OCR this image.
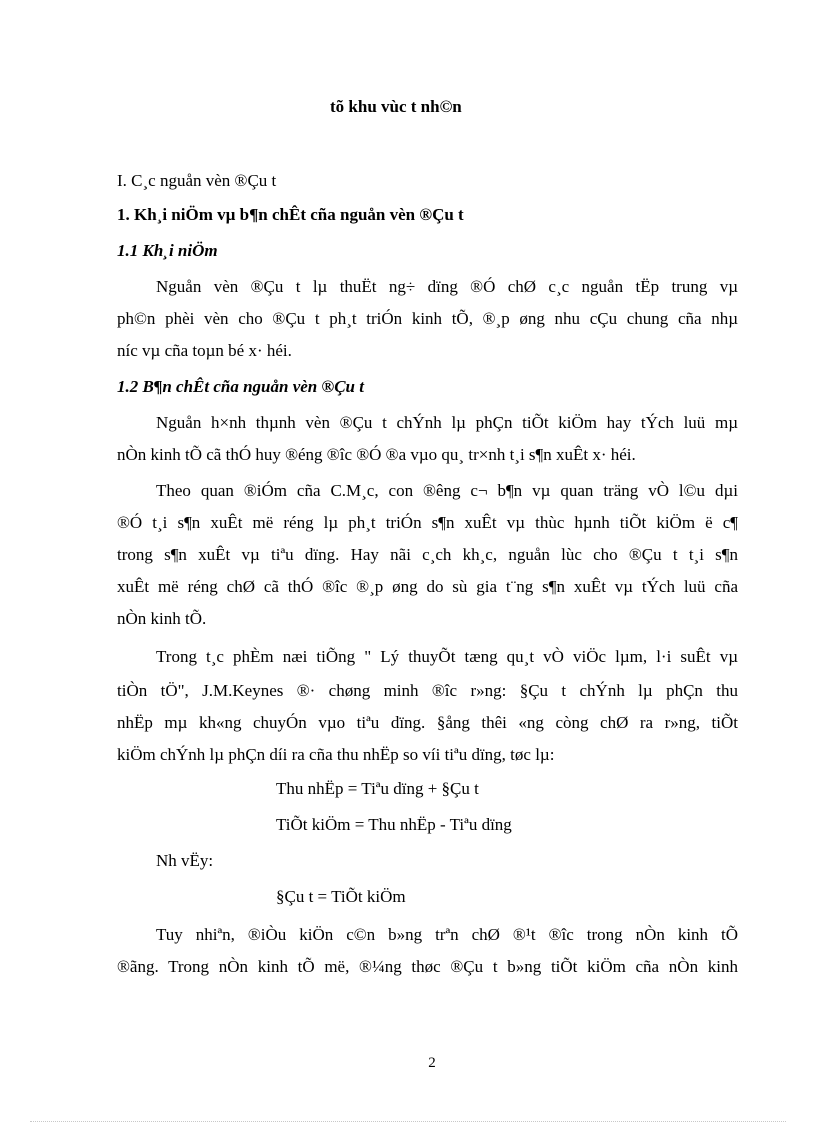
tõ khu vùc t nh©n
I. C¸c nguån vèn ®Çu t
1. Kh¸i niÖm vµ b¶n chÊt cña nguån vèn ®Çu t
1.1 Kh¸i niÖm
Nguån vèn ®Çu t lµ thuËt ng÷ dïng ®Ó chØ c¸c nguån tËp trung vµ
ph©n phèi vèn cho ®Çu t ph¸t triÓn kinh tÕ, ®¸p øng nhu cÇu chung cña nhµ
níc vµ cña toµn bé x· héi.
1.2 B¶n chÊt cña nguån vèn ®Çu t
Nguån h×nh thµnh vèn ®Çu t chÝnh lµ phÇn tiÕt kiÖm hay tÝch luü mµ
nÒn kinh tÕ cã thÓ huy ®éng ®îc ®Ó ®a vµo qu¸ tr×nh t¸i s¶n xuÊt x· héi.
Theo quan ®iÓm cña C.M¸c, con ®êng c¬ b¶n vµ quan träng vÒ l©u dµi
®Ó t¸i s¶n xuÊt më réng lµ ph¸t triÓn s¶n xuÊt vµ thùc hµnh tiÕt kiÖm ë c¶
trong s¶n xuÊt vµ tiªu dïng. Hay nãi c¸ch kh¸c, nguån lùc cho ®Çu t t¸i s¶n
xuÊt më réng chØ cã thÓ ®îc ®¸p øng do sù gia t¨ng s¶n xuÊt vµ tÝch luü cña
nÒn kinh tÕ.
Trong t¸c phÈm næi tiÕng " Lý thuyÕt tæng qu¸t vÒ viÖc lµm, l·i suÊt vµ
tiÒn tÖ", J.M.Keynes ®· chøng minh ®îc r»ng: §Çu t chÝnh lµ phÇn thu
nhËp mµ kh«ng chuyÓn vµo tiªu dïng. §ång thêi «ng còng chØ ra r»ng, tiÕt
kiÖm chÝnh lµ phÇn díi ra cña thu nhËp so víi tiªu dïng, tøc lµ:
Thu nhËp = Tiªu dïng + §Çu t
TiÕt kiÖm = Thu nhËp - Tiªu dïng
Nh vËy:
§Çu t = TiÕt kiÖm
Tuy nhiªn, ®iÒu kiÖn c©n b»ng trªn chØ ®¹t ®îc trong nÒn kinh tÕ
®ãng. Trong nÒn kinh tÕ më, ®¼ng thøc ®Çu t b»ng tiÕt kiÖm cña nÒn kinh
2
